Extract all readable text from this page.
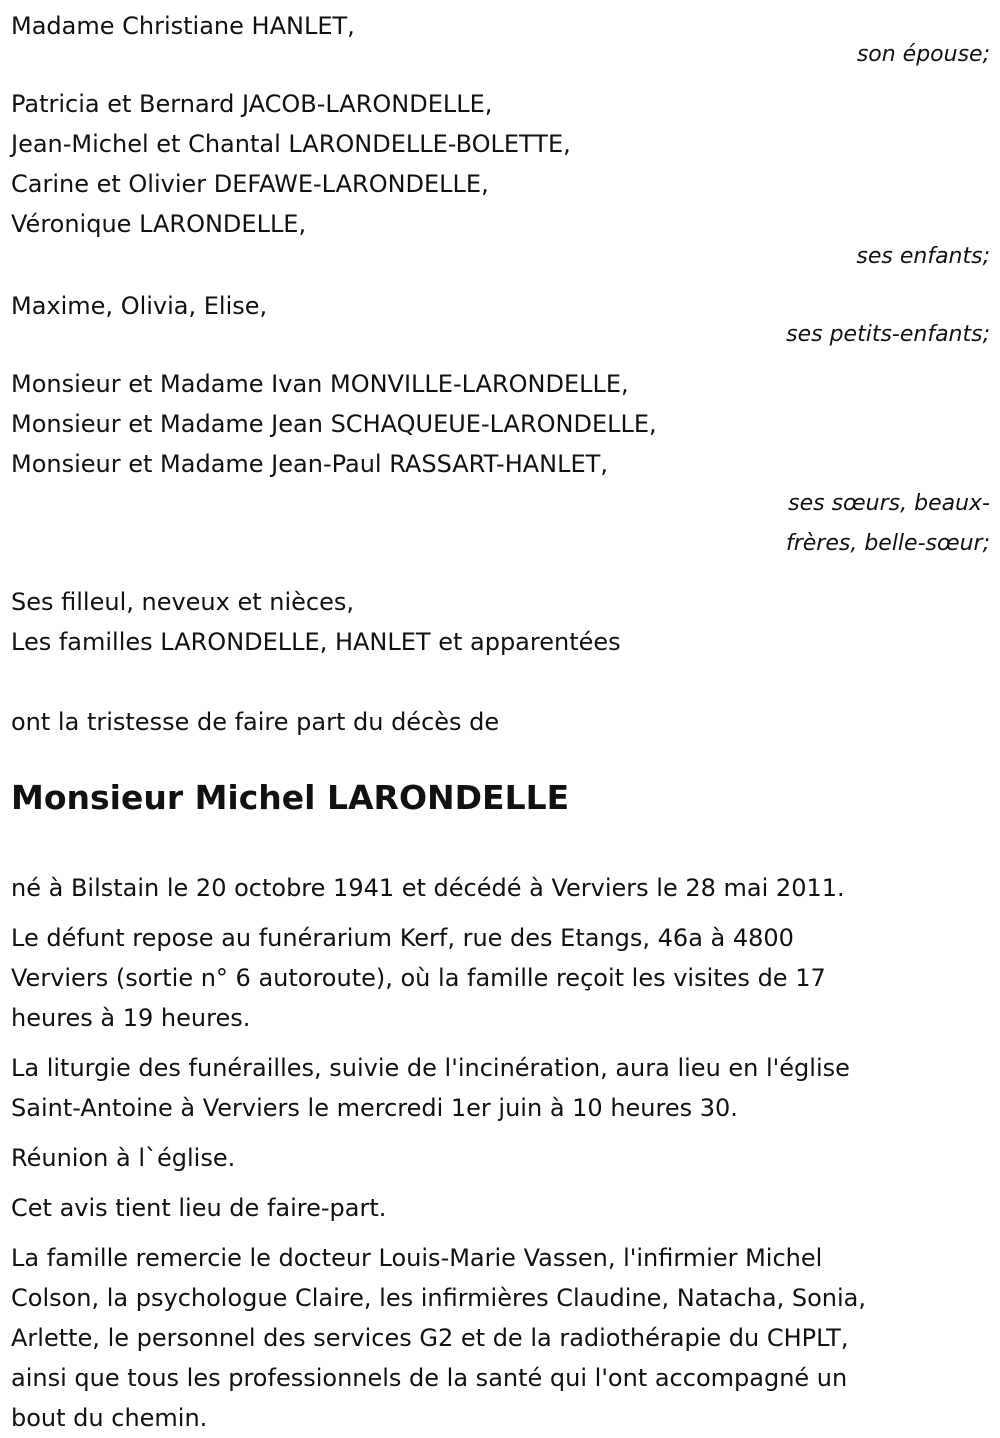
Madame Christiane HANLET,

son épouse;

Patricia et Bernard JACOB-LARONDELLE,

Jean-Michel et Chantal LARONDELLE-BOLETTE,

Carine et Olivier DEFAWE-LARONDELLE,

Véronique LARONDELLE,

ses enfants;

Maxime, Olivia, Elise,

ses petits-enfants;

Monsieur et Madame Ivan MONVILLE-LARONDELLE,

Monsieur et Madame Jean SCHAQUEUE-LARONDELLE,

Monsieur et Madame Jean-Paul RASSART-HANLET,

ses sœurs, beaux-

frères, belle-sœur;

Ses filleul, neveux et nièces,

Les familles LARONDELLE, HANLET et apparentées

ont la tristesse de faire part du décès de

Monsieur Michel LARONDELLE
né à Bilstain le 20 octobre 1941 et décédé à Verviers le 28 mai 2011.
Le défunt repose au funérarium Kerf, rue des Etangs, 46a à 4800
Verviers (sortie n° 6 autoroute), où la famille reçoit les visites de 17
heures à 19 heures.
La liturgie des funérailles, suivie de l'incinération, aura lieu en l'église
Saint-Antoine à Verviers le mercredi 1er juin à 10 heures 30.
Réunion à l`église.
Cet avis tient lieu de faire-part.
La famille remercie le docteur Louis-Marie Vassen, l'infirmier Michel
Colson, la psychologue Claire, les infirmières Claudine, Natacha, Sonia,
Arlette, le personnel des services G2 et de la radiothérapie du CHPLT,
ainsi que tous les professionnels de la santé qui l'ont accompagné un
bout du chemin.
